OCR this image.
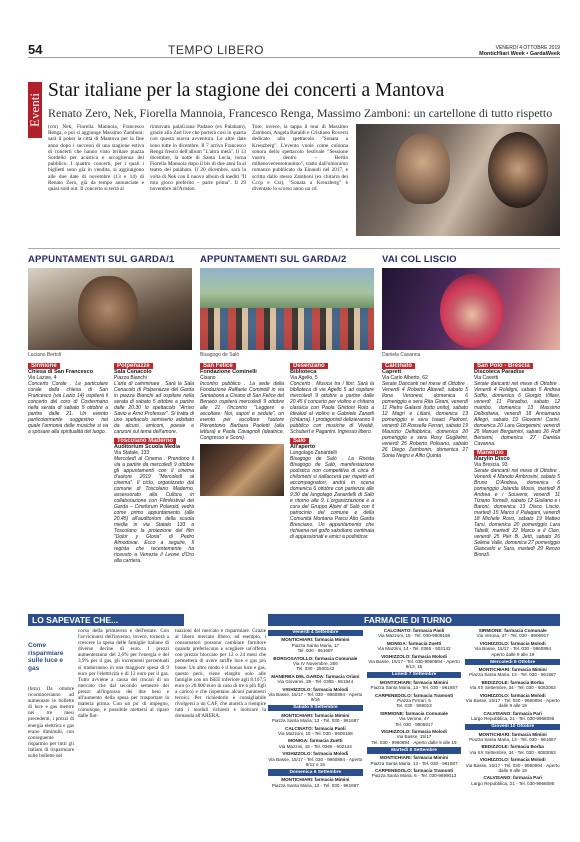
54	TEMPO LIBERO	VENERDÌ 4 OTTOBRE 2019
MonticHiari Week • GardaWeek
Eventi
Star italiane per la stagione dei concerti a Mantova
Renato Zero, Nek, Fiorella Mannoia, Francesco Renga, Massimo Zamboni: un cartellone di tutto rispetto
(cm) Nek, Fiorella Mannoia, Francesco Renga, e poi si aggiunge Massimo Zamboni: sarà il poker la città di Mantova per la fine anno dopo i successi di una stagione estiva di concerti che hanno visto brillare piazza Sordello per acustica e accoglienza del pubblico. I quattro concerti, per i quali i biglietti sono già in vendita, si aggiungono alle due date di novembre (13 e 14) di Renato Zero, già da tempo annunciate e quasi sold out. Il concerto si terrà al
rinnovato palaGrana Padano (ex Palabam), grazie alla Zed live che porterà così in quarta con questa nuova avventura. Le altre date sono tutte in dicembre. Il 7 arriva Francesco Renga fresco dell'album "L'altra metà". Il 13 dicembre, la notte di Santa Lucia, torna Fiorella Mannoia dopo il bis di due anni fa al teatro del palabam. Il 20 dicembre, sarà la volta di Nek con il nuovo album di inediti "Il mio gioco preferito – parte prima". Il 29 novembre all'Ariston
Tore, invece, la tappa il tour di Massimo Zamboni, Angela Baraldi e Cristiano Roversi dedicato allo spettacolo "Sonata a Kreuzberg". L'evento vuole come colonna sonora dello spettacolo festivale "Sessione vostro dentro – Berlin millenovecentottantino", tratto dall'omonimo romanzo pubblicato da Einaudi nel 2017, e scritto dallo stesso Zamboni (ex chitarra dei Cccp e Csi), "Sonata a Kreuzberg" è diventato lo scorso anno un cd.
APPUNTAMENTI SUL GARDA/1	APPUNTAMENTI SUL GARDA/2	VAI COL LISCIO
Luciano Bertoli	Bisagogo de Salò	Daniela Cavanna
Sirmione
Chiesa di San Francesco
Via Lazise, 4
Concerto Corale . Le particolare corale della chiesa di San Francesco (via Lazio 14) ospiterà il concerto del coro di Costermano nella serata di sabato 5 ottobre a partire dalle 21. Un evento particolarmente suggestivo nel quale l'armonia delle musiche si va a sposare alla spiritualità del luogo.
Polpenazze
Sala Cenacolo
Piazza Bianchi
L'arte di camminare . Sarà la Sala Cenacolo di Polpenazze del Garda in piazza Bianchi ad ospitare nella serata di sabato 5 ottobre a partire dalle 20.30 lo spettacolo "Arrivo Savio e Arno Professor". Si tratta di uno spettacolo semiserio adottato da alcuni, amiconi, poesie e canzoni sul tema dell'amore.
Toscolano Maderno
Auditorium Scuola Media
Via Statale, 133
Mercoledì al Cinema . Prendono il via a partire da mercoledì 9 ottobre gli appuntamenti con il cinema d'autore 2019 "Mercoledì al cinema". Il ciclo, organizzato dal comune di Toscolano Maderno, assessorato alla Cultura in collaborazione con Filmfestival del Garda – Cineforum Polaroid, vedrà come primo appuntamento (alle 20.45) all'auditorium della scuola media in via Statale 133 a Toscolano la proiezione del film "Dolor y Gloria" di Pedro Almodovar. Ecco a seguire, Il regista che recentemente ha ricevuto a Venezia il Leone d'Oro alla carriera.
San Felice
Fondazione Cominelli
Cisano
Incontro pubblico . La sede della Fondazione Raffaele Cominelli in via Santabona a Cisano di San Felice del Benaco ospiterà mercoledì 9 ottobre alle 21 l'incontro "Leggere e ascoltare: Noi, sapori e sedute", un evento per ascoltare l'autore Pierantonio Barbara Paoletti (alla lettura) e Paola Cavagnoli (ideatrice, Congresso e Sconi).
Desenzano
Biblioteca
Via Agello, 5
Concerto . Musica tra i libri. Sarà la biblioteca di via Agello 5 ad ospitare mercoledì 9 ottobre a partire dalle 20.45 il concerto per violino e chitarra classica con Paola Ghidoni Roto a Idealud al violino e Gabriele Zanetti (chitarra). I protagonisti delizieranno il pubblico con musiche di Vivaldi, Schubert e Paganini. Ingresso libero.
Salò
All'aperto
Lungolago Zanardelli
Bisagogo de Salò . La Rivista Bisagogo de Salò, manifestazione podistica non competitiva di circa 8 chilometri si riallaccerà per rispetti ed accompagnatori, andrà in scena domenica 6 ottobre con partenza alle 9.30 dal lungolago Zanardelli di Salò e ritorno alle 9. L'organizzazione è a cura del Gruppo Alpini di Salò con il patrocinio del comune e della Comunità Montana Parco Alto Garda Bresciano. Un appuntamento che richiama nel golfo salodiano centinaia di appassionati e amici a podisticar.
Calcinato
Caprett
Via Carlo Alberto, 62
Serate Dancanti nel mese di Ottobre . Venerdì 4 Roberto Altavell, sabato 5 Ilona Veronesi, domenica 6 pomeriggio e sera Rita Girani, venerdì 11 Pietro Galassi (tutto unito), sabato 12 Magri e Liliani, domenica 13 pomeriggio e sera Isaaci Padroni, venerdì 18 Rossella Ferrari, sabato 19 Maurizio Delfabbrica, domenica 20 pomeriggio e sera Rosy Guglielmi, venerdì 25 Roberto Polisano, sabato 26 Diego Zambonin, domenica 27 Sonia Negro e Alfio Quinta
San Polo - Brescia
Discoteca Paradise
Via Cavetti
Serate dancanti nel mese di Ottobre . Venerdì 4 Roldigni, sabato 5 Andrea Soffio, domenica 6 Giorgio Villani, venerdì 11 Paradiso, sabato 12 mambo, domenica 13 Massimo Delbottana, venerdì 18 Annamaria Allegri, sabato 19 Giovanni Carini, domenica 20 Lara Giorgemini, venerdì 25 Manuel Bergamini, sabato 26 Rolf Bersemi, domenica 27 Daniela Cavanna.
Manerbio
Marylin Disco
Via Brescia, 93
Serate dancanti nel mese di Ottobre . Venerdì 4 Manolo Ambrosini, sabato 5 Bruno D'Andrea, domenica 6 pomeriggio Jolanda Mossi, martedì 8 Andrea e i Souvenir, venerdì 11 Tiziano Tornelli, sabato 12 Giuliano e i Baroni, domenica 13 Disco Liscio, martedì 15 Marco il Palagani, venerdì 18 Michele Rovo, sabato 19 Matteo Tarsi, domenica 20 pomeriggio Lara Tabelli, martedì 22 Marco e il Clan, venerdì 25 Pier B. Jetti, sabato 26 Selena Valle, domenica 27 pomeriggio Giancarlo e Sara, martedì 29 Renzo Bionzli.
LO SAPEVATE CHE...
Come risparmiare sulle luce e gas
(brm) Da ottobre ricominceranno ad aumentare le bollette di luce e gas mentre nei tre mesi precedenti, i prezzi di energia elettrica e gas erano diminuiti, con conseguente risparmio per tutti gli italiani di risparmiare sulle bollette nel
corso della primavera e dell'estate. Con l'avvicinarsi dell'inverno, invece, tornerà a crescere la spesa delle famiglie italiane di diverse decine di euro. I prezzi aumenteranno del 2,6% per l'energia e del 3,9% per il gas, gli incrementi percentuali si tradurranno in una maggiore spesa di 9 euro per l'elettricità e di 12 euro per il gas. Tutto avviene a causa dei rincari di un mercato che dal secondo semestre dei prezzi all'ingrosso dei due beni e all'aumento della spesa per trasportare la materia prima. Con un po' di impegno, comunque, è possibile mettersi al riparo dalle flut-
tuazioni del mercato e risparmiare. Grazie al libero mercato libero, ad esempio, i consumatori possono cambiare fornitore quando preferiscono e scegliere un'offerta con prezzo bloccato per 12 o 24 mesi che permetterà di avere tariffe luce e gas più basse. Un altro modo è il bonus luce e gas, questo però, viene elargito solo alle famiglie con un ISEE inferiore agli 8.107,5 euro (o 20.000 euro in caso di tre o più figli a carico) e che rispettano alcuni parametri tecnici. Per richiederlo è consigliabile rivolgersi a un CAF, che aiuterà a riempire tutti i moduli richiesti e inoltrare la domanda all'ARERA.
FARMACIE DI TURNO
Venerdì 4 Settembre
MONTICHIARI: farmacia Mimini
Piazza Santa Maria, 17
Tel. 030 - 961687
BORGOSATOLLO: farmacia Comunale
Via IV Novembre, 266
Tel. 030 - 2500142
MANERBA DEL GARDA: farmacia Oriani
Via Giovanni, 29 - Tel. 0365 - 551944
VIGHIZZOLO: farmacia Molodi
Via Basse, 15/17 - Tel. 030 - 9960894 - Aperto 9/16
Sabato 5 Settembre
MONTICHIARI: farmacia Mimini
Piazza Santa Maria, 13 - Tel. 030 - 961687
CALCINATO: farmacia Paoli
Via Mazzoni, 15 - Tel. 030 - 9609168
MONIGA: farmacia Zuetti
Via Mazzini, 15 - Tel. 0365 - 502142
VIGHIZZOLO: farmacia Molodi
Via Basse, 15/17 - Tel. 030 - 9960894 - Aperto 9/12 e 15
Domenica 6 Settembre
MONTICHIARI: farmacia Mimini
Piazza Santa Maria, 13 - Tel. 030 - 961687
CALCINATO: farmacia Paoli
Via Mazzoni, 15 - Tel. 030-9609168
MONIGA: farmacia Zuetti
Via Mazzini, 14 - Tel. 0365 - 502142
VIGHIZZOLO: farmacia Molodi
Via Basse, 15/17 - Tel. 030-9960894 - Aperto 9/12, 15
Lunedì 7 Settembre
MONTICHIARI: farmacia Mimini
Piazza Santa Maria, 13 - Tel. 030 - 961687
CARPENEDOLO: farmacia Tramonti
Piazza Ferrari, 5
Tel. 030 - 969013
SIRMIONE: farmacia Comunale
Via Verona, 47
Tel. 030 - 9905917
VIGHIZZOLO: farmacia Molodi
Via Basse, 15/17
Tel. 030 - 9960894 · Aperto dalle 9 alle 19
Martedì 8 Settembre
MONTICHIARI: farmacia Mimini
Piazza Santa Maria, 13 - Tel. 030 - 961687
CARPENEDOLO: farmacia Tramonti
Piazza Santa Maria, 6 - Tel. 030-9699013
SIRMIONE: farmacia Comunale
Via Verona, 47 - Tel. 030 - 9906917
VIGHIZZOLO: farmacia Molodi
Via Basse, 15/17 - Tel. 030 - 9960894
Aperto dalle 9 alle 19
Mercoledì 9 Ottobre
MONTICHIARI: farmacia Mimini
Piazza Santa Maria, 13 - Tel. 030 - 961687
BEDIZZOLE: farmacia Borba
Via XX Settembre, 34 - Tel. 030 - 6083063
VIGHIZZOLO: farmacia Molodi
Via Basse, 15/17 - Tel. 030 - 9960894 · Aperto dalle 9 alle 19
CALVISANO: farmacia Pari
Largo Repubblica, 21 - Tel. 030-9968095
Giovedì 10 Ottobre
MONTICHIARI: farmacia Mimini
Piazza Santa Maria, 13 - Tel. 030 - 961687
BEDIZZOLE: farmacia Borba
Via XX Settembre, 34 - Tel. 030 - 6083063
VIGHIZZOLO: farmacia Molodi
Via Basse, 15/17 - Tel. 030 - 9960894 · Aperto dalle 9 alle 19
CALVISANO: farmacia Pari
Largo Repubblica, 21 - Tel. 030-9968095
